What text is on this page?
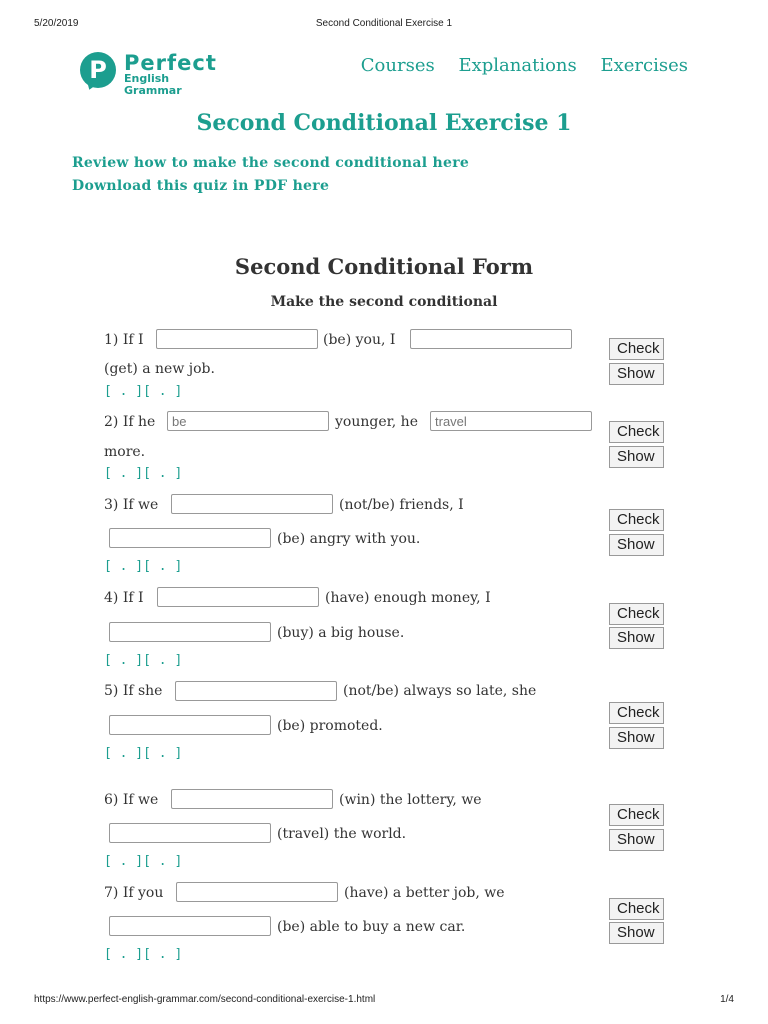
5/20/2019	Second Conditional Exercise 1
P Perfect
English Grammar
Courses Explanations Exercises
Second Conditional Exercise 1
Review how to make the second conditional here
Download this quiz in PDF here
Second Conditional Form
Make the second conditional
1) If I	(be) you, I
(get) a new job.
[ . ][ . ]
Check
Show
2) If he
be	younger, he
travel
more.
[ . ][ . ]
Check
Show
3) If we	(not/be) friends, I
(be) angry with you.
[ . ][ . ]
Check
Show
4) If I	(have) enough money, I
(buy) a big house.
[ . ][ . ]
Check
Show
5) If she	(not/be) always so late, she
(be) promoted.
[ . ][ . ]
Check
Show
6) If we	(win) the lottery, we
(travel) the world.
[ . ][ . ]
Check
Show
7) If you	(have) a better job, we
(be) able to buy a new car.
[ . ][ . ]
Check
Show
https://www.perfect-english-grammar.com/second-conditional-exercise-1.html	1/4
